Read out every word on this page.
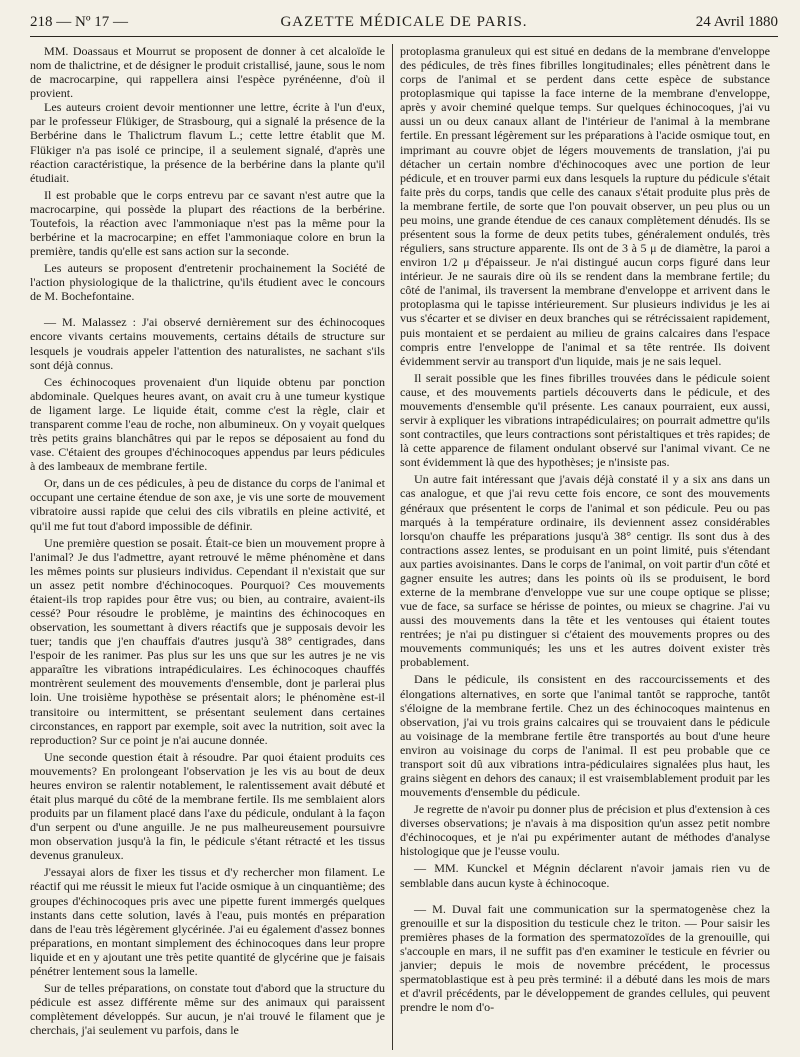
GAZETTE MÉDICALE DE PARIS.
218 — Nº 17 —	24 Avril 1880

MM. Doassaus et Mourrut se proposent de donner à cet alcaloïde le nom de thalictrine, et de désigner le produit cristallisé, jaune, sous le nom de macrocarpine, qui rappellera ainsi l'espèce pyrénéenne, d'où il provient.

Les auteurs croient devoir mentionner une lettre, écrite à l'un d'eux, par le professeur Flükiger, de Strasbourg, qui a signalé la présence de la Berbérine dans le Thalictrum flavum L.; cette lettre établit que M. Flükiger n'a pas isolé ce principe, il a seulement signalé, d'après une réaction caractéristique, la présence de la berbérine dans la plante qu'il étudiait.

Il est probable que le corps entrevu par ce savant n'est autre que la macrocarpine, qui possède la plupart des réactions de la berbérine. Toutefois, la réaction avec l'ammoniaque n'est pas la même pour la berbérine et la macrocarpine; en effet l'ammoniaque colore en brun la première, tandis qu'elle est sans action sur la seconde.

Les auteurs se proposent d'entretenir prochainement la Société de l'action physiologique de la thalictrine, qu'ils étudient avec le concours de M. Bochefontaine.

— M. Malassez : J'ai observé dernièrement sur des échinocoques encore vivants certains mouvements, certains détails de structure sur lesquels je voudrais appeler l'attention des naturalistes, ne sachant s'ils sont déjà connus.

Ces échinocoques provenaient d'un liquide obtenu par ponction abdominale. Quelques heures avant, on avait cru à une tumeur kystique de ligament large. Le liquide était, comme c'est la règle, clair et transparent comme l'eau de roche, non albumineux. On y voyait quelques très petits grains blanchâtres qui par le repos se déposaient au fond du vase. C'étaient des groupes d'échinocoques appendus par leurs pédicules à des lambeaux de membrane fertile.

Or, dans un de ces pédicules, à peu de distance du corps de l'animal et occupant une certaine étendue de son axe, je vis une sorte de mouvement vibratoire aussi rapide que celui des cils vibratils en pleine activité, et qu'il me fut tout d'abord impossible de définir.

Une première question se posait. Était-ce bien un mouvement propre à l'animal? Je dus l'admettre, ayant retrouvé le même phénomène et dans les mêmes points sur plusieurs individus. Cependant il n'existait que sur un assez petit nombre d'échinocoques. Pourquoi? Ces mouvements étaient-ils trop rapides pour être vus; ou bien, au contraire, avaient-ils cessé? Pour résoudre le problème, je maintins des échinocoques en observation, les soumettant à divers réactifs que je supposais devoir les tuer; tandis que j'en chauffais d'autres jusqu'à 38° centigrades, dans l'espoir de les ranimer. Pas plus sur les uns que sur les autres je ne vis apparaître les vibrations intrapédiculaires. Les échinocoques chauffés montrèrent seulement des mouvements d'ensemble, dont je parlerai plus loin. Une troisième hypothèse se présentait alors; le phénomène est-il transitoire ou intermittent, se présentant seulement dans certaines circonstances, en rapport par exemple, soit avec la nutrition, soit avec la reproduction? Sur ce point je n'ai aucune donnée.

Une seconde question était à résoudre. Par quoi étaient produits ces mouvements? En prolongeant l'observation je les vis au bout de deux heures environ se ralentir notablement, le ralentissement avait débuté et était plus marqué du côté de la membrane fertile. Ils me semblaient alors produits par un filament placé dans l'axe du pédicule, ondulant à la façon d'un serpent ou d'une anguille. Je ne pus malheureusement poursuivre mon observation jusqu'à la fin, le pédicule s'étant rétracté et les tissus devenus granuleux.

J'essayai alors de fixer les tissus et d'y rechercher mon filament. Le réactif qui me réussit le mieux fut l'acide osmique à un cinquantième; des groupes d'échinocoques pris avec une pipette furent immergés quelques instants dans cette solution, lavés à l'eau, puis montés en préparation dans de l'eau très légèrement glycérinée. J'ai eu également d'assez bonnes préparations, en montant simplement des échinocoques dans leur propre liquide et en y ajoutant une très petite quantité de glycérine que je faisais pénétrer lentement sous la lamelle.

Sur de telles préparations, on constate tout d'abord que la structure du pédicule est assez différente même sur des animaux qui paraissent complètement développés. Sur aucun, je n'ai trouvé le filament que je cherchais, j'ai seulement vu parfois, dans le

protoplasma granuleux qui est situé en dedans de la membrane d'enveloppe des pédicules, de très fines fibrilles longitudinales; elles pénètrent dans le corps de l'animal et se perdent dans cette espèce de substance protoplasmique qui tapisse la face interne de la membrane d'enveloppe, après y avoir cheminé quelque temps. Sur quelques échinocoques, j'ai vu aussi un ou deux canaux allant de l'intérieur de l'animal à la membrane fertile. En pressant légèrement sur les préparations à l'acide osmique tout, en imprimant au couvre objet de légers mouvements de translation, j'ai pu détacher un certain nombre d'échinocoques avec une portion de leur pédicule, et en trouver parmi eux dans lesquels la rupture du pédicule s'était faite près du corps, tandis que celle des canaux s'était produite plus près de la membrane fertile, de sorte que l'on pouvait observer, un peu plus ou un peu moins, une grande étendue de ces canaux complètement dénudés. Ils se présentent sous la forme de deux petits tubes, généralement ondulés, très réguliers, sans structure apparente. Ils ont de 3 à 5 μ de diamètre, la paroi a environ 1/2 μ d'épaisseur. Je n'ai distingué aucun corps figuré dans leur intérieur. Je ne saurais dire où ils se rendent dans la membrane fertile; du côté de l'animal, ils traversent la membrane d'enveloppe et arrivent dans le protoplasma qui le tapisse intérieurement. Sur plusieurs individus je les ai vus s'écarter et se diviser en deux branches qui se rétrécissaient rapidement, puis montaient et se perdaient au milieu de grains calcaires dans l'espace compris entre l'enveloppe de l'animal et sa tête rentrée. Ils doivent évidemment servir au transport d'un liquide, mais je ne sais lequel.

Il serait possible que les fines fibrilles trouvées dans le pédicule soient cause, et des mouvements partiels découverts dans le pédicule, et des mouvements d'ensemble qu'il présente. Les canaux pourraient, eux aussi, servir à expliquer les vibrations intrapédiculaires; on pourrait admettre qu'ils sont contractiles, que leurs contractions sont péristaltiques et très rapides; de là cette apparence de filament ondulant observé sur l'animal vivant. Ce ne sont évidemment là que des hypothèses; je n'insiste pas.

Un autre fait intéressant que j'avais déjà constaté il y a six ans dans un cas analogue, et que j'ai revu cette fois encore, ce sont des mouvements généraux que présentent le corps de l'animal et son pédicule. Peu ou pas marqués à la température ordinaire, ils deviennent assez considérables lorsqu'on chauffe les préparations jusqu'à 38° centigr. Ils sont dus à des contractions assez lentes, se produisant en un point limité, puis s'étendant aux parties avoisinantes. Dans le corps de l'animal, on voit partir d'un côté et gagner ensuite les autres; dans les points où ils se produisent, le bord externe de la membrane d'enveloppe vue sur une coupe optique se plisse; vue de face, sa surface se hérisse de pointes, ou mieux se chagrine. J'ai vu aussi des mouvements dans la tête et les ventouses qui étaient toutes rentrées; je n'ai pu distinguer si c'étaient des mouvements propres ou des mouvements communiqués; les uns et les autres doivent exister très probablement.

Dans le pédicule, ils consistent en des raccourcissements et des élongations alternatives, en sorte que l'animal tantôt se rapproche, tantôt s'éloigne de la membrane fertile. Chez un des échinocoques maintenus en observation, j'ai vu trois grains calcaires qui se trouvaient dans le pédicule au voisinage de la membrane fertile être transportés au bout d'une heure environ au voisinage du corps de l'animal. Il est peu probable que ce transport soit dû aux vibrations intra-pédiculaires signalées plus haut, les grains siègent en dehors des canaux; il est vraisemblablement produit par les mouvements d'ensemble du pédicule.

Je regrette de n'avoir pu donner plus de précision et plus d'extension à ces diverses observations; je n'avais à ma disposition qu'un assez petit nombre d'échinocoques, et je n'ai pu expérimenter autant de méthodes d'analyse histologique que je l'eusse voulu.

— MM. Kunckel et Mégnin déclarent n'avoir jamais rien vu de semblable dans aucun kyste à échinocoque.

— M. Duval fait une communication sur la spermatogenèse chez la grenouille et sur la disposition du testicule chez le triton. — Pour saisir les premières phases de la formation des spermatozoïdes de la grenouille, qui s'accouple en mars, il ne suffit pas d'en examiner le testicule en février ou janvier; depuis le mois de novembre précédent, le processus spermatoblastique est à peu près terminé: il a débuté dans les mois de mars et d'avril précédents, par le développement de grandes cellules, qui peuvent prendre le nom d'o-
